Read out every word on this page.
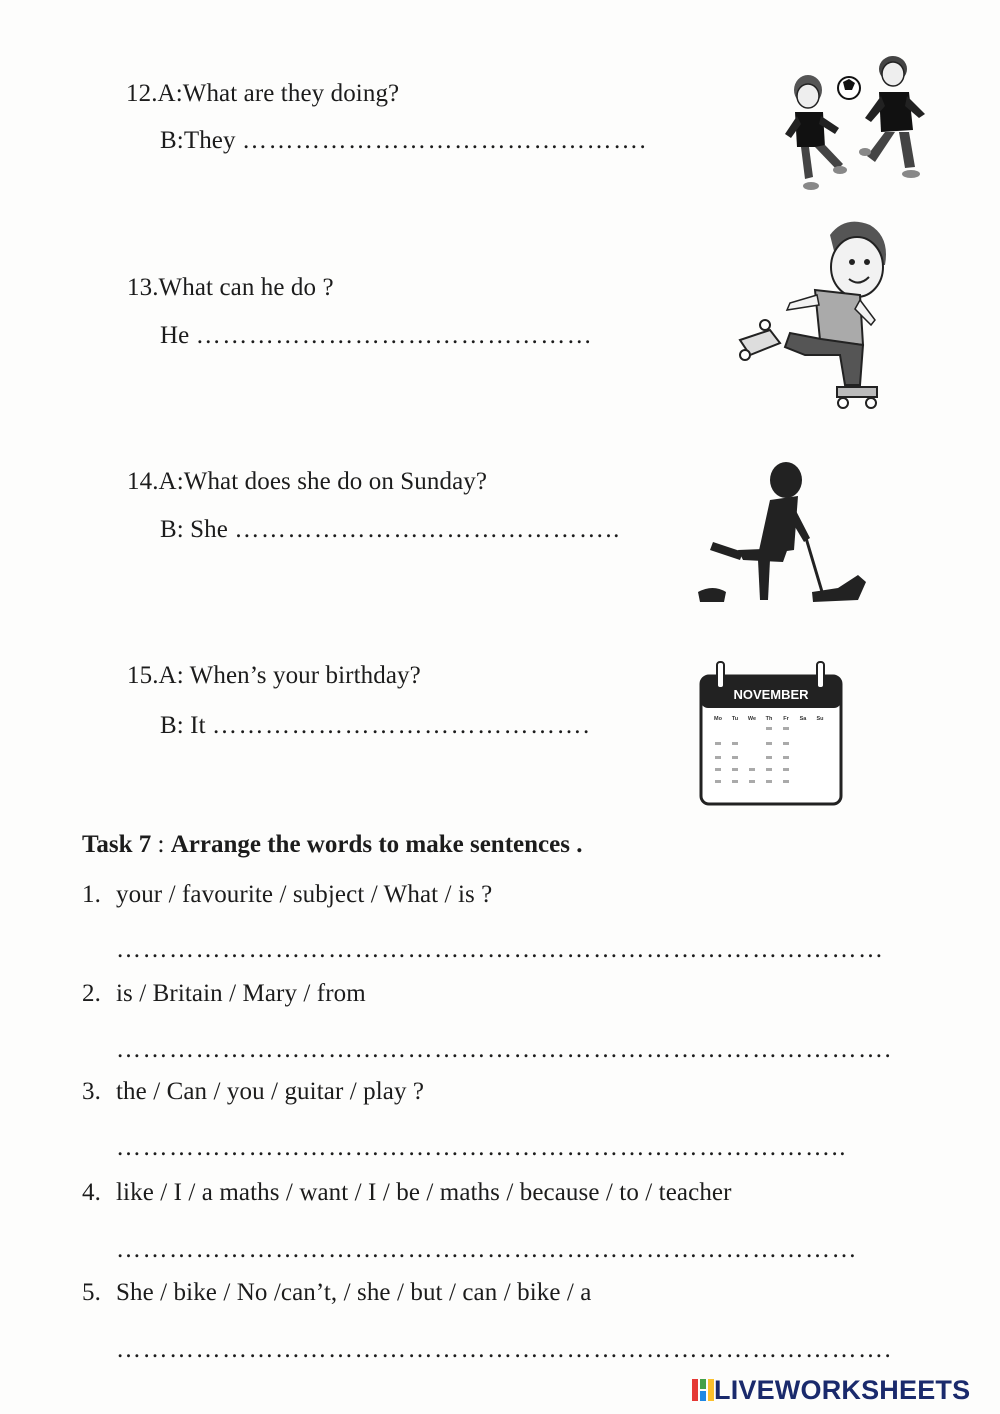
12.A:What are they doing?
B:They ……………………………………….
13.What can he do ?
He ………………………………………
14.A:What does she do on Sunday?
B: She ……………………………………..
15.A: When’s your birthday?
B: It …………………………………….
NOVEMBER
Mo Tu We Th Fr Sa Su
Task 7 : Arrange the words to make sentences .
1. your / favourite / subject / What / is ?
……………………………………………………………………………
2. is / Britain / Mary / from
…………………………………………………………………………….
3. the / Can / you / guitar / play ?
………………………………………………………………………..
4. like / I / a maths / want / I / be / maths / because / to / teacher
…………………………………………………………………………
5. She / bike / No /can’t, / she / but / can / bike / a
…………………………………………………………………………….
LIVEWORKSHEETS
